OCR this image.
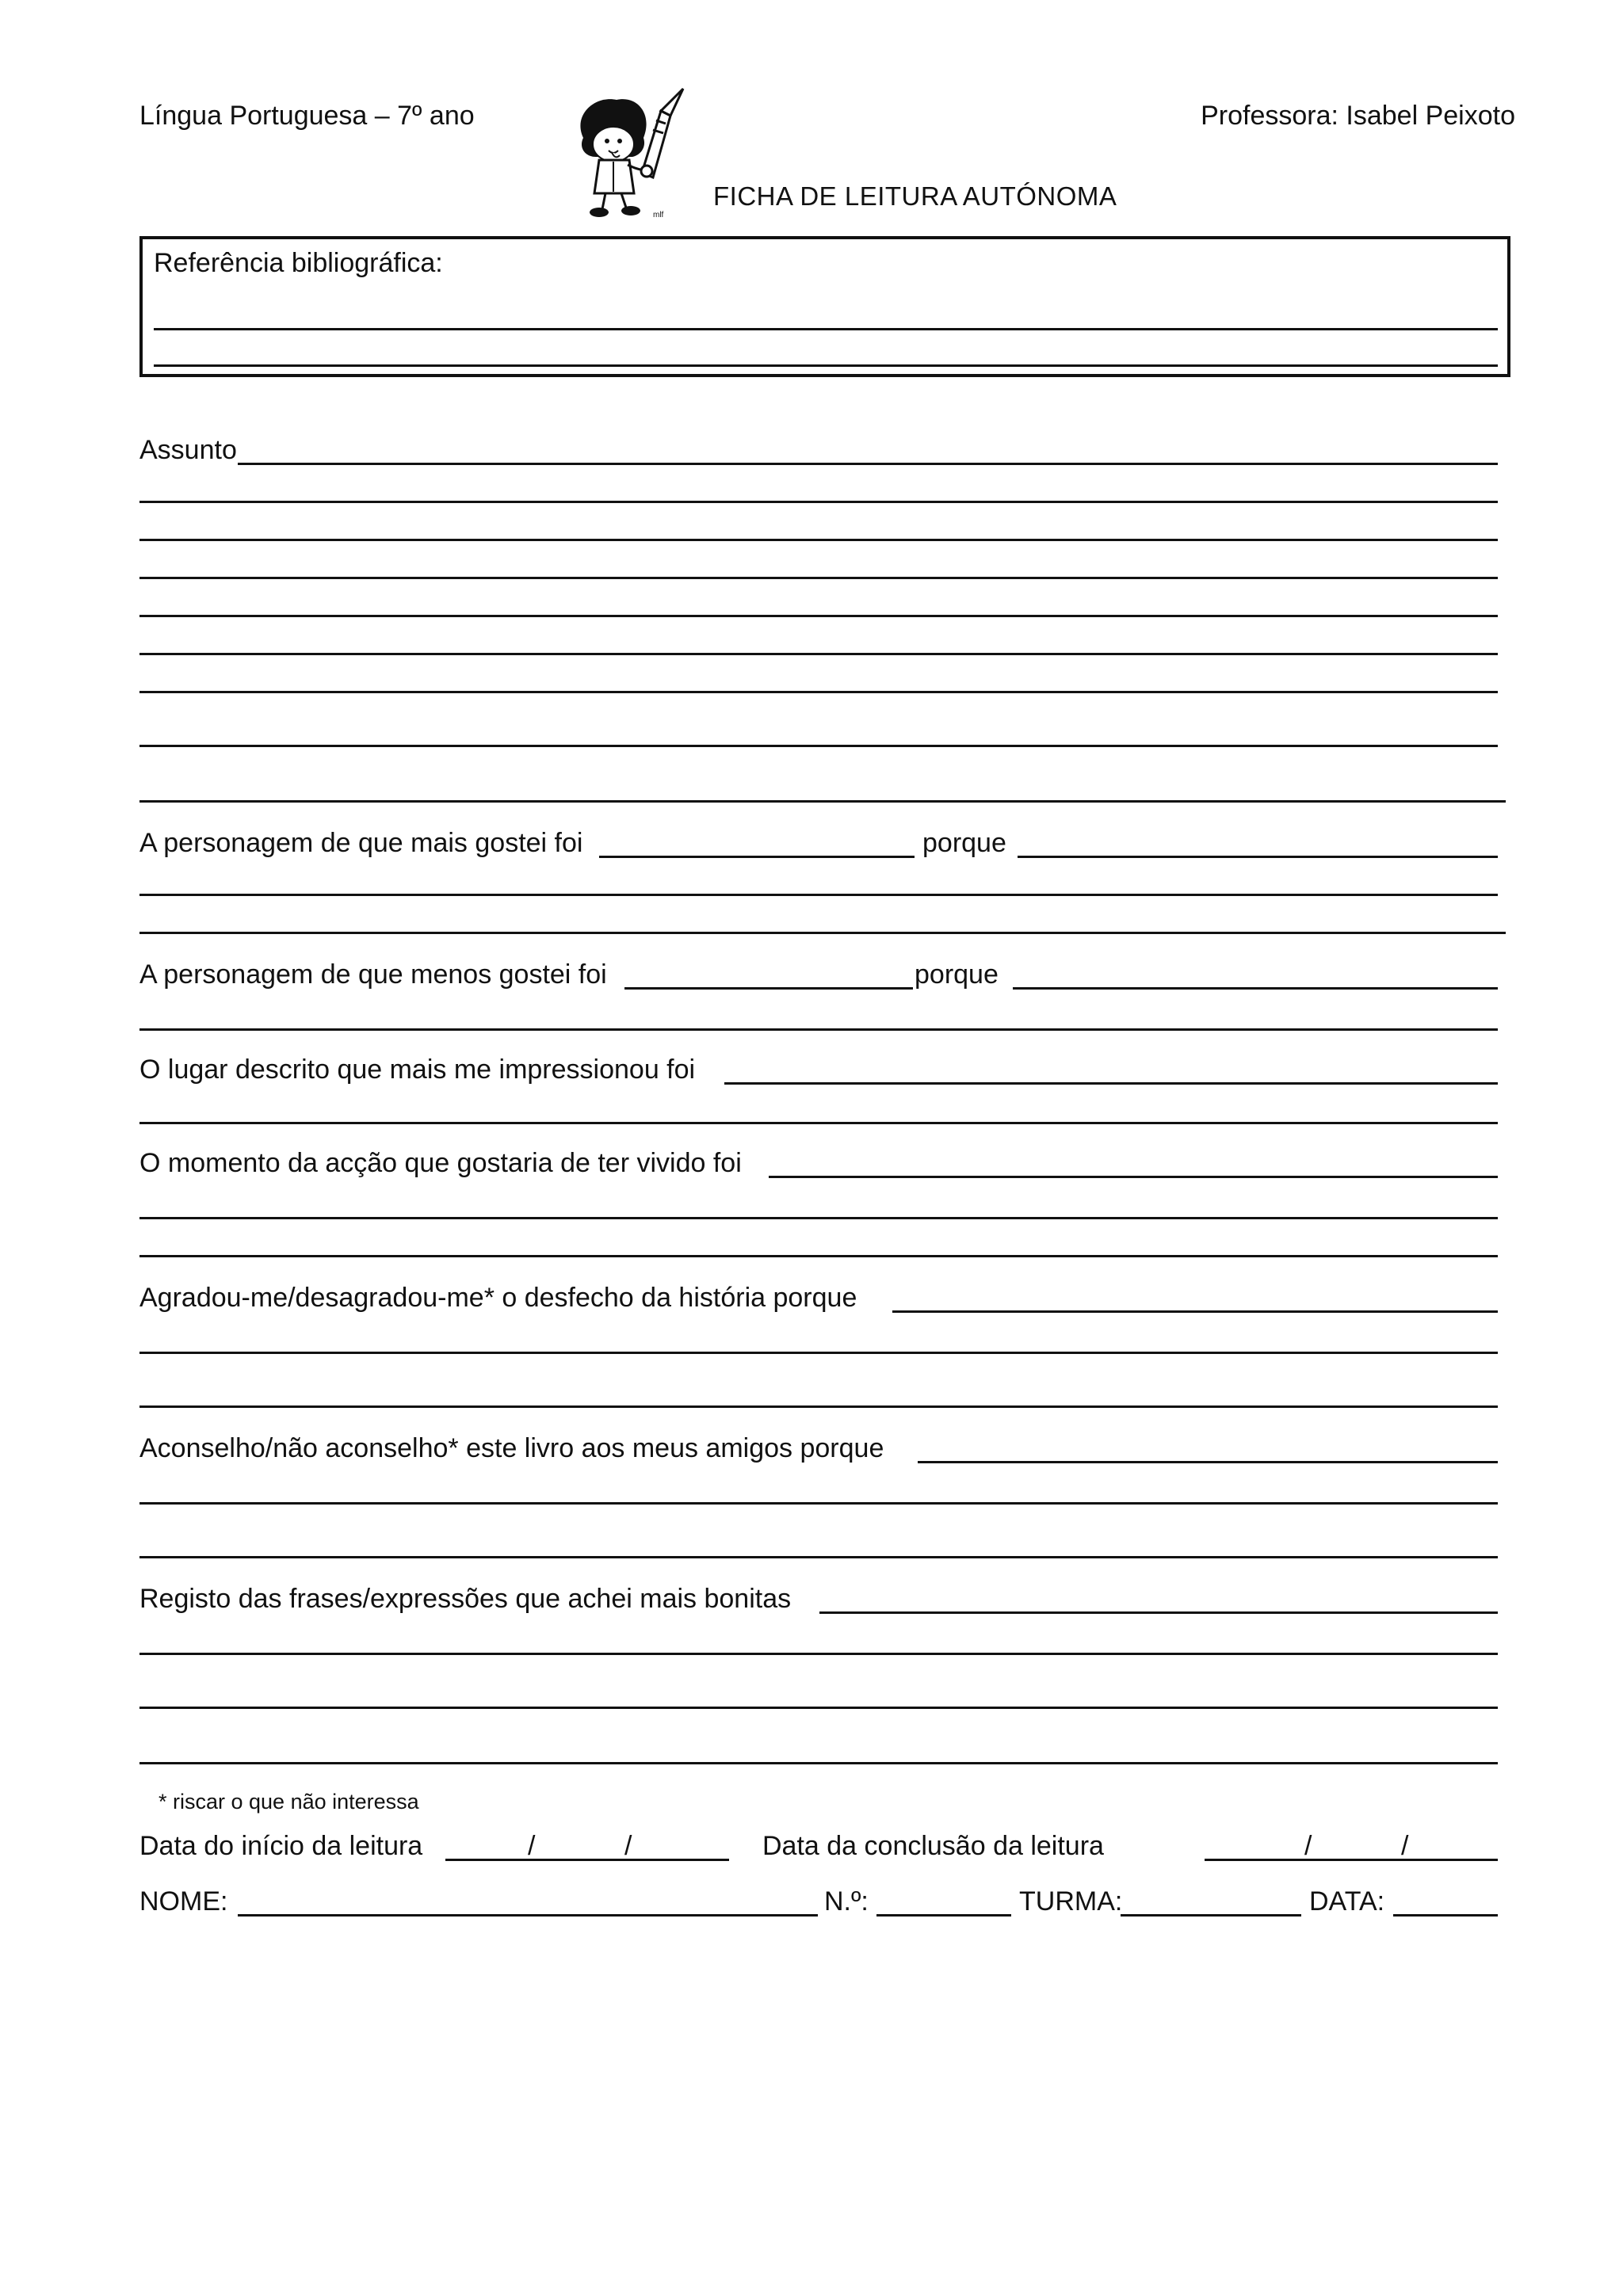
Língua Portuguesa – 7º ano	Professora: Isabel Peixoto
mlf
FICHA DE LEITURA AUTÓNOMA
Referência bibliográfica:
Assunto
A personagem de que mais gostei foi	porque
A personagem de que menos gostei foi	porque
O lugar descrito que mais me impressionou foi
O momento da acção que gostaria de ter vivido foi
Agradou-me/desagradou-me* o desfecho da história porque
Aconselho/não aconselho* este livro aos meus amigos porque
Registo das frases/expressões que achei mais bonitas
* riscar o que não interessa
Data do início da leitura	/	/	Data da conclusão da leitura	/	/
NOME:	N.º:	TURMA:	DATA:
